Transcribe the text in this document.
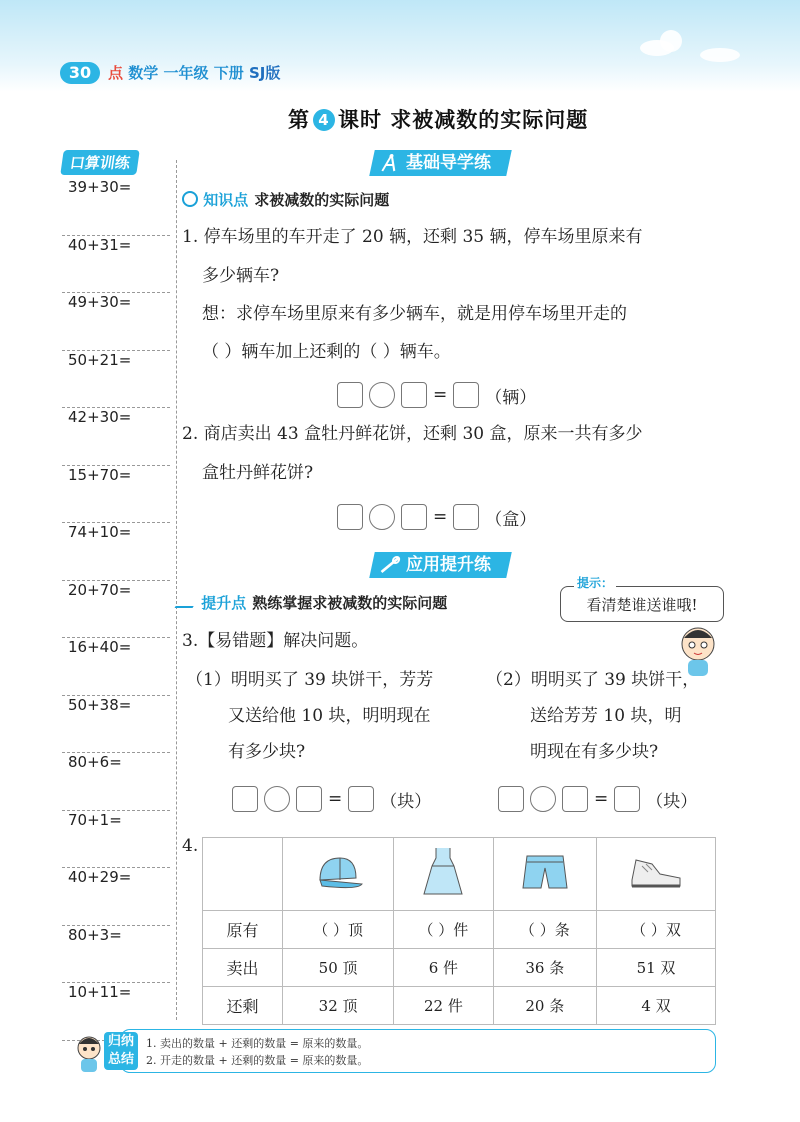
30	点 数学 一年级 下册 SJ版
第 4 课时 求被减数的实际问题
口算训练
39+30=
40+31=
49+30=
50+21=
42+30=
15+70=
74+10=
20+70=
16+40=
50+38=
80+6=
70+1=
40+29=
80+3=
10+11=
基础导学练
知识点 求被减数的实际问题
1. 停车场里的车开走了 20 辆，还剩 35 辆，停车场里原来有
多少辆车?
想：求停车场里原来有多少辆车，就是用停车场里开走的
（ ）辆车加上还剩的（ ）辆车。
= （辆）
2. 商店卖出 43 盒牡丹鲜花饼，还剩 30 盒，原来一共有多少
盒牡丹鲜花饼?
= （盒）
应用提升练
提升点 熟练掌握求被减数的实际问题	看清楚谁送谁哦!
提示：
3.【易错题】解决问题。
（1）明明买了 39 块饼干，芳芳
又送给他 10 块，明明现在
有多少块?
（2）明明买了 39 块饼干，
送给芳芳 10 块，明
明现在有多少块?
= （块）	= （块）
4.

原有	（ ）顶	（ ）件	（ ）条	（ ）双
卖出	50 顶	6 件	36 条	51 双
还剩	32 顶	22 件	20 条	4 双
归纳总结
1. 卖出的数量 + 还剩的数量 = 原来的数量。
2. 开走的数量 + 还剩的数量 = 原来的数量。
